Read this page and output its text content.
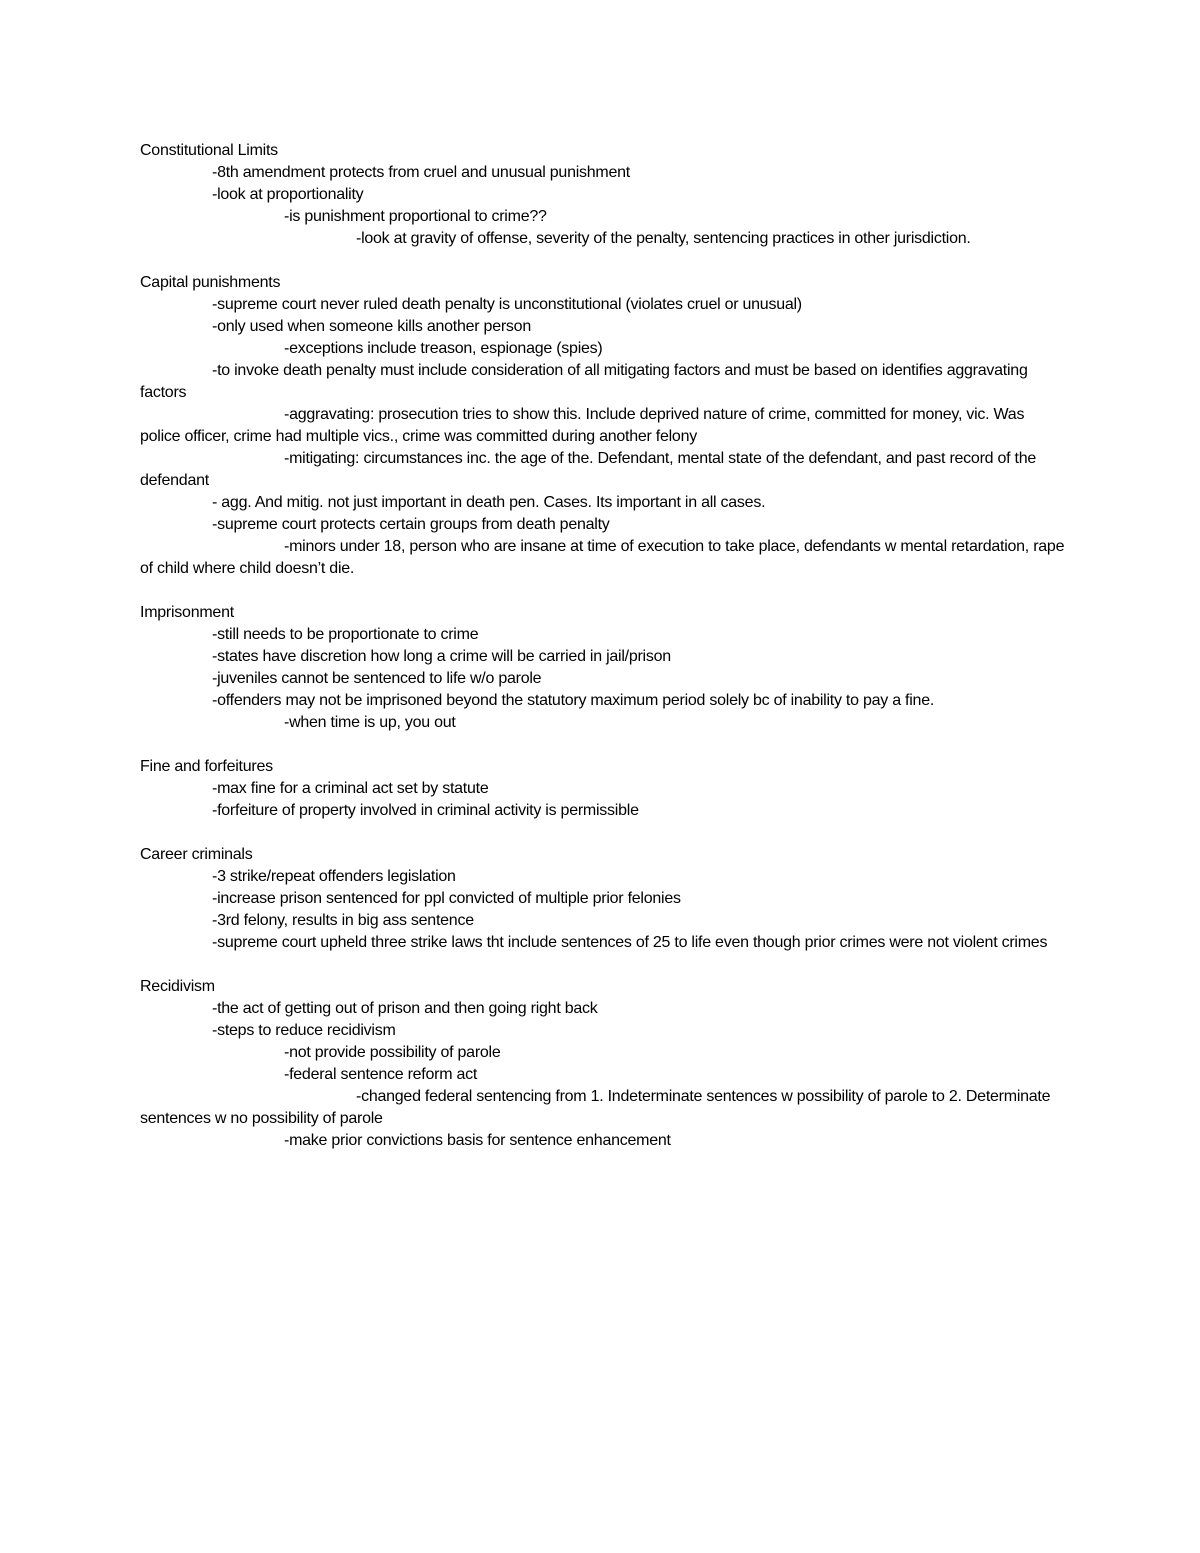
Constitutional Limits

-8th amendment protects from cruel and unusual punishment

-look at proportionality

-is punishment proportional to crime??

-look at gravity of offense, severity of the penalty, sentencing practices in other jurisdiction.

Capital punishments

-supreme court never ruled death penalty is unconstitutional (violates cruel or unusual)

-only used when someone kills another person

-exceptions include treason, espionage (spies)

-to invoke death penalty must include consideration of all mitigating factors and must be based on identifies aggravating factors

-aggravating: prosecution tries to show this. Include deprived nature of crime, committed for money, vic. Was police officer, crime had multiple vics., crime was committed during another felony

-mitigating: circumstances inc. the age of the. Defendant, mental state of the defendant, and past record of the defendant

- agg. And mitig. not just important in death pen. Cases. Its important in all cases.

-supreme court protects certain groups from death penalty

-minors under 18, person who are insane at time of execution to take place, defendants w mental retardation, rape of child where child doesn’t die.

Imprisonment

-still needs to be proportionate to crime

-states have discretion how long a crime will be carried in jail/prison

-juveniles cannot be sentenced to life w/o parole

-offenders may not be imprisoned beyond the statutory maximum period solely bc of inability to pay a fine.

-when time is up, you out

Fine and forfeitures

-max fine for a criminal act set by statute

-forfeiture of property involved in criminal activity is permissible

Career criminals

-3 strike/repeat offenders legislation

-increase prison sentenced for ppl convicted of multiple prior felonies

-3rd felony, results in big ass sentence

-supreme court upheld three strike laws tht include sentences of 25 to life even though prior crimes were not violent crimes

Recidivism

-the act of getting out of prison and then going right back

-steps to reduce recidivism

-not provide possibility of parole

-federal sentence reform act

-changed federal sentencing from 1. Indeterminate sentences w possibility of parole to 2. Determinate sentences w no possibility of parole

-make prior convictions basis for sentence enhancement
